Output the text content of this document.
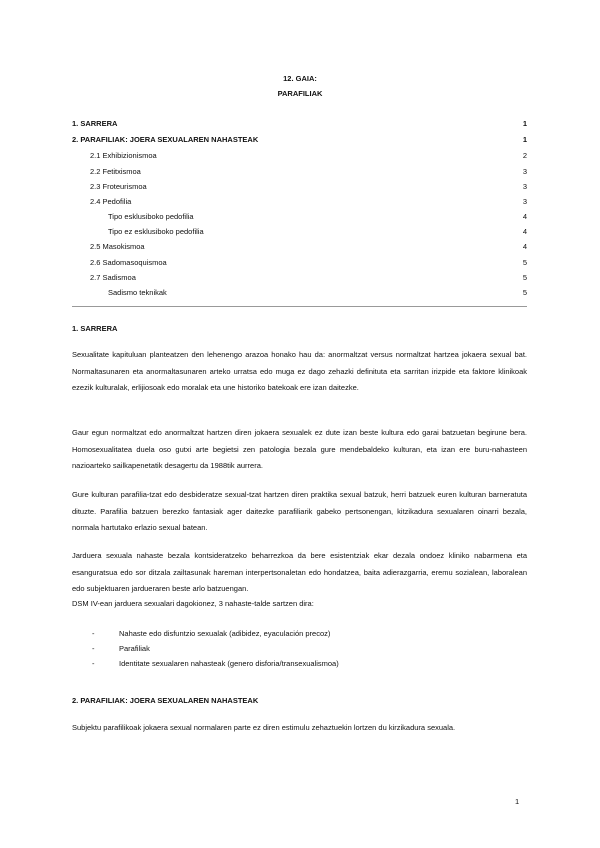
12. GAIA:
PARAFILIAK
1. SARRERA	1
2. PARAFILIAK: JOERA SEXUALAREN NAHASTEAK	1
2.1 Exhibizionismoa	2
2.2 Fetitxismoa	3
2.3 Froteurismoa	3
2.4 Pedofilia	3
Tipo esklusiboko pedofilia	4
Tipo ez esklusiboko pedofilia	4
2.5 Masokismoa	4
2.6 Sadomasoquismoa	5
2.7 Sadismoa	5
Sadismo teknikak	5
1. SARRERA
Sexualitate kapituluan planteatzen den lehenengo arazoa honako hau da: anormaltzat versus normaltzat hartzea jokaera sexual bat. Normaltasunaren eta anormaltasunaren arteko urratsa edo muga ez dago zehazki definituta eta sarritan irizpide eta faktore klinikoak ezezik kulturalak, erlijiosoak edo moralak eta une historiko batekoak ere izan daitezke.
Gaur egun normaltzat edo anormaltzat hartzen diren jokaera sexualek ez dute izan beste kultura edo garai batzuetan begirune bera. Homosexualitatea duela oso gutxi arte begietsi zen patologia bezala gure mendebaldeko kulturan, eta izan ere buru-nahasteen nazioarteko sailkapenetatik desagertu da 1988tik aurrera.
Gure kulturan parafilia-tzat edo desbideratze sexual-tzat hartzen diren praktika sexual batzuk, herri batzuek euren kulturan barneratuta dituzte. Parafilia batzuen berezko fantasiak ager daitezke parafiliarik gabeko pertsonengan, kitzikadura sexualaren oinarri bezala, normala hartutako erlazio sexual batean.
Jarduera sexuala nahaste bezala kontsideratzeko beharrezkoa da bere esistentziak ekar dezala ondoez kliniko nabarmena eta esanguratsua edo sor ditzala zailtasunak hareman interpertsonaletan edo hondatzea, baita adierazgarria, eremu sozialean, laboralean edo subjektuaren jardueraren beste arlo batzuengan.
DSM IV-ean jarduera sexualari dagokionez, 3 nahaste-talde sartzen dira:
-	Nahaste edo disfuntzio sexualak (adibidez, eyaculación precoz)
-	Parafiliak
-	Identitate sexualaren nahasteak (genero disforia/transexualismoa)
2. PARAFILIAK: JOERA SEXUALAREN NAHASTEAK
Subjektu parafilikoak jokaera sexual normalaren parte ez diren estimulu zehaztuekin lortzen du kirzikadura sexuala.
1
